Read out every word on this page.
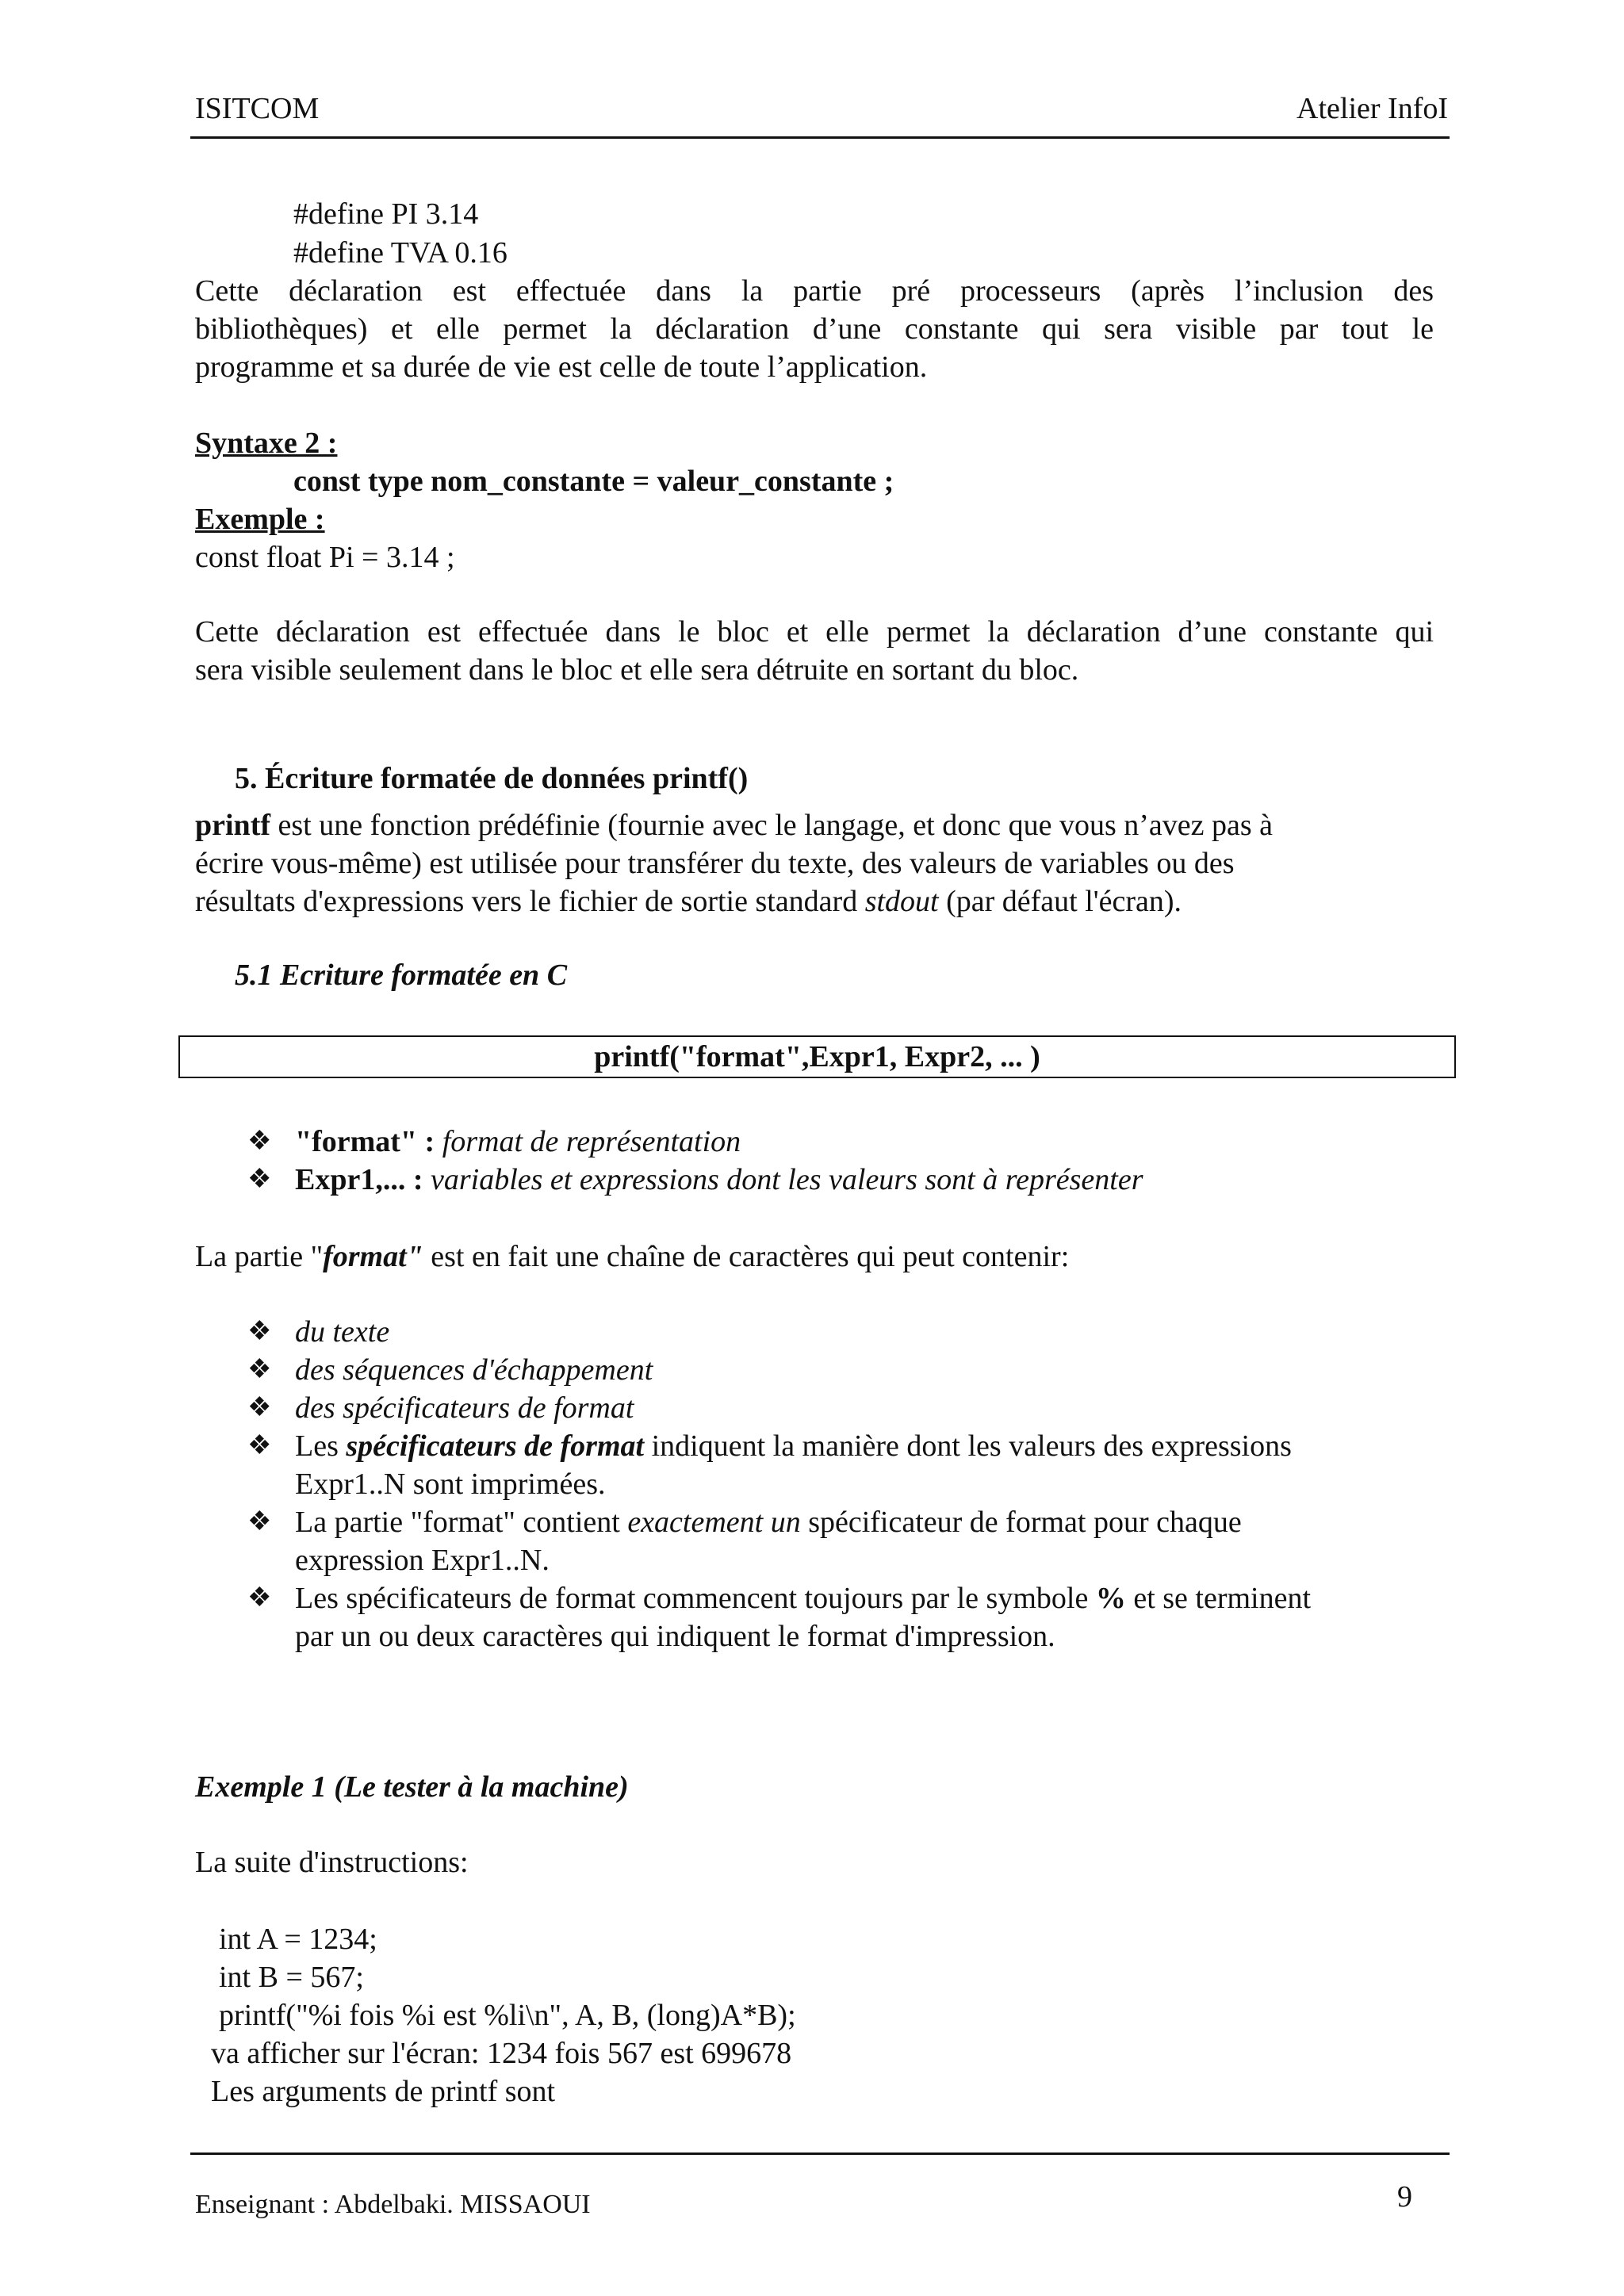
ISITCOM	Atelier InfoI
#define PI 3.14
#define TVA 0.16
Cette déclaration est effectuée dans la partie pré processeurs (après l’inclusion des
bibliothèques) et elle permet la déclaration d’une constante qui sera visible par tout le
programme et sa durée de vie est celle de toute l’application.
Syntaxe 2 :
const type nom_constante = valeur_constante ;
Exemple :
const float Pi = 3.14 ;
Cette déclaration est effectuée dans le bloc et elle permet la déclaration d’une constante qui
sera visible seulement dans le bloc et elle sera détruite en sortant du bloc.
5. Écriture formatée de données printf()
printf est une fonction prédéfinie (fournie avec le langage, et donc que vous n’avez pas à
écrire vous-même) est utilisée pour transférer du texte, des valeurs de variables ou des
résultats d'expressions vers le fichier de sortie standard stdout (par défaut l'écran).
5.1 Ecriture formatée en C
printf("format",Expr1, Expr2, ... )
❖ "format" : format de représentation
❖ Expr1,... : variables et expressions dont les valeurs sont à représenter
La partie "format" est en fait une chaîne de caractères qui peut contenir:
❖ du texte
❖ des séquences d'échappement
❖ des spécificateurs de format
❖ Les spécificateurs de format indiquent la manière dont les valeurs des expressions
Expr1..N sont imprimées.
❖ La partie "format" contient exactement un spécificateur de format pour chaque
expression Expr1..N.
❖ Les spécificateurs de format commencent toujours par le symbole % et se terminent
par un ou deux caractères qui indiquent le format d'impression.
Exemple 1 (Le tester à la machine)
La suite d'instructions:
int A = 1234;
int B = 567;
printf("%i fois %i est %li\n", A, B, (long)A*B);
va afficher sur l'écran: 1234 fois 567 est 699678
Les arguments de printf sont
Enseignant : Abdelbaki. MISSAOUI	9
